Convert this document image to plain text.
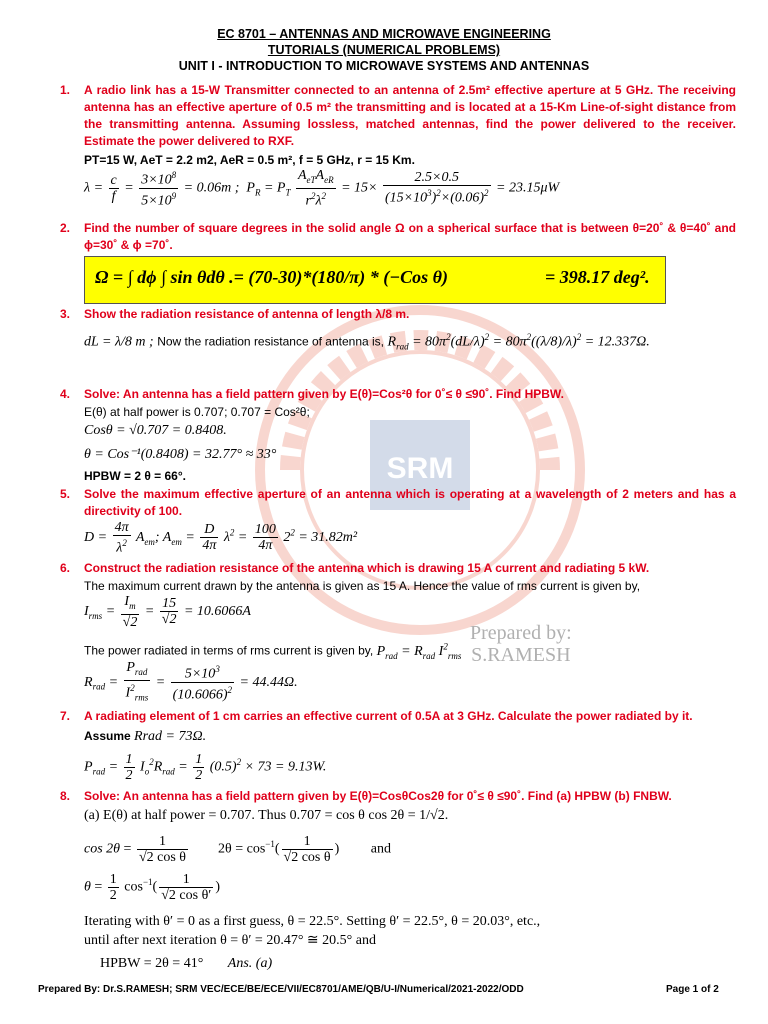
SRM
Prepared by:
S.RAMESH
EC 8701 – ANTENNAS AND MICROWAVE ENGINEERING
TUTORIALS (NUMERICAL PROBLEMS)
UNIT I - INTRODUCTION TO MICROWAVE SYSTEMS AND ANTENNAS
1. A radio link has a 15-W Transmitter connected to an antenna of 2.5m² effective aperture at 5 GHz. The receiving antenna has an effective aperture of 0.5 m² the transmitting and is located at a 15-Km Line-of-sight distance from the transmitting antenna. Assuming lossless, matched antennas, find the power delivered to the receiver. Estimate the power delivered to RXF.
PT=15 W, AeT = 2.2 m2, AeR = 0.5 m², f = 5 GHz, r = 15 Km.
$\lambda = \frac{c}{f} = \frac{3\times 10^8}{5\times 10^9} = 0.06m$ ;  $P_R = P_T \frac{A_{eT}A_{eR}}{r^2\lambda^2} = 15\times \frac{2.5\times 0.5}{(15\times 10^3)^2\times(0.06)^2} = 23.15\mu W$
2. Find the number of square degrees in the solid angle Ω on a spherical surface that is between θ=20˚ & θ=40˚ and ϕ=30˚ & ϕ =70˚.
Ω = ∫ dϕ ∫ sin θdθ .= (70-30)*(180/π) * (−Cos θ)	= 398.17 deg².
3. Show the radiation resistance of antenna of length λ/8 m.
dL = λ/8 m ; Now the radiation resistance of antenna is, $R_{rad} = 80\pi^2(dL/\lambda)^2 = 80\pi^2((\lambda/8)/\lambda)^2 = 12.337\Omega$.
4. Solve: An antenna has a field pattern given by E(θ)=Cos²θ for 0˚≤ θ ≤90˚. Find HPBW.
E(θ) at half power is 0.707; 0.707 = Cos²θ;
Cosθ = √0.707 = 0.8408.
θ = Cos⁻¹(0.8408) = 32.77° ≈ 33°
HPBW = 2 θ = 66°.
5. Solve the maximum effective aperture of an antenna which is operating at a wavelength of 2 meters and has a directivity of 100.
$D = \frac{4\pi}{\lambda^2} A_{em}$; $A_{em} = \frac{D}{4\pi} \lambda^2 = \frac{100}{4\pi} 2^2 = 31.82m^2$
6. Construct the radiation resistance of the antenna which is drawing 15 A current and radiating 5 kW.
The maximum current drawn by the antenna is given as 15 A. Hence the value of rms current is given by,
$I_{rms} = \frac{I_m}{√2} = \frac{15}{√2} = 10.6066A$
The power radiated in terms of rms current is given by, $P_{rad} = R_{rad}$ $I^2_{rms}$
$R_{rad} = \frac{P_{rad}}{I^2_{rms}} = \frac{5\times 10^3}{(10.6066)^2} = 44.44\Omega$.
7. A radiating element of 1 cm carries an effective current of 0.5A at 3 GHz. Calculate the power radiated by it.
Assume Rrad = 73Ω.
$P_{rad} = \frac{1}{2} I_o^2R_{rad} = \frac{1}{2} (0.5)^2 \times 73 = 9.13W$.
8. Solve: An antenna has a field pattern given by E(θ)=CosθCos2θ for 0˚≤ θ ≤90˚. Find (a) HPBW (b) FNBW.
(a) E(θ) at half power = 0.707. Thus 0.707 = cos θ cos 2θ = 1/√2.
$\cos 2\theta = \frac{1}{\text{√2 cos θ}} 2\theta = \cos^{-1}( \frac{1}{\text{√2 cos θ}}$ )         and
$\theta = \frac{1}{2} \cos^{-1}( \frac{1}{\text{√2 cos θ′}}$ )
Iterating with θ′ = 0 as a first guess, θ = 22.5°. Setting θ′ = 22.5°, θ = 20.03°, etc.,
until after next iteration θ = θ′ = 20.47° ≅ 20.5° and
HPBW = 2θ = 41° Ans. (a)
Prepared By: Dr.S.RAMESH; SRM VEC/ECE/BE/ECE/VII/EC8701/AME/QB/U-I/Numerical/2021-2022/ODD	Page 1 of 2
